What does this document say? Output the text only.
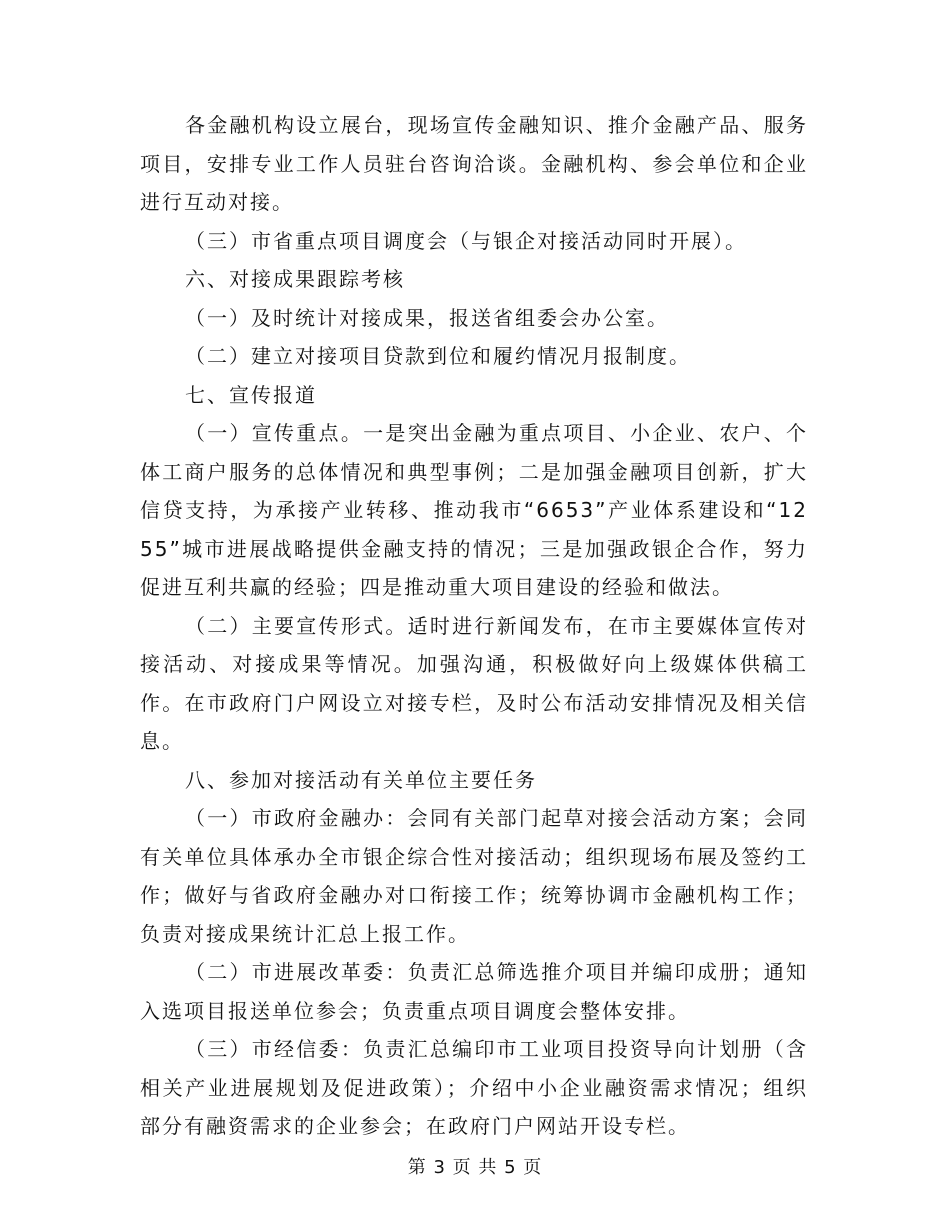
各金融机构设立展台，现场宣传金融知识、推介金融产品、服务项目，安排专业工作人员驻台咨询洽谈。金融机构、参会单位和企业进行互动对接。

（三）市省重点项目调度会（与银企对接活动同时开展）。

六、对接成果跟踪考核

（一）及时统计对接成果，报送省组委会办公室。

（二）建立对接项目贷款到位和履约情况月报制度。

七、宣传报道

（一）宣传重点。一是突出金融为重点项目、小企业、农户、个体工商户服务的总体情况和典型事例；二是加强金融项目创新，扩大信贷支持，为承接产业转移、推动我市“6653”产业体系建设和“1255”城市进展战略提供金融支持的情况；三是加强政银企合作，努力促进互利共赢的经验；四是推动重大项目建设的经验和做法。

（二）主要宣传形式。适时进行新闻发布，在市主要媒体宣传对接活动、对接成果等情况。加强沟通，积极做好向上级媒体供稿工作。在市政府门户网设立对接专栏，及时公布活动安排情况及相关信息。

八、参加对接活动有关单位主要任务

（一）市政府金融办：会同有关部门起草对接会活动方案；会同有关单位具体承办全市银企综合性对接活动；组织现场布展及签约工作；做好与省政府金融办对口衔接工作；统筹协调市金融机构工作；负责对接成果统计汇总上报工作。

（二）市进展改革委：负责汇总筛选推介项目并编印成册；通知入选项目报送单位参会；负责重点项目调度会整体安排。

（三）市经信委：负责汇总编印市工业项目投资导向计划册（含相关产业进展规划及促进政策）；介绍中小企业融资需求情况；组织部分有融资需求的企业参会；在政府门户网站开设专栏。

第 3 页 共 5 页
